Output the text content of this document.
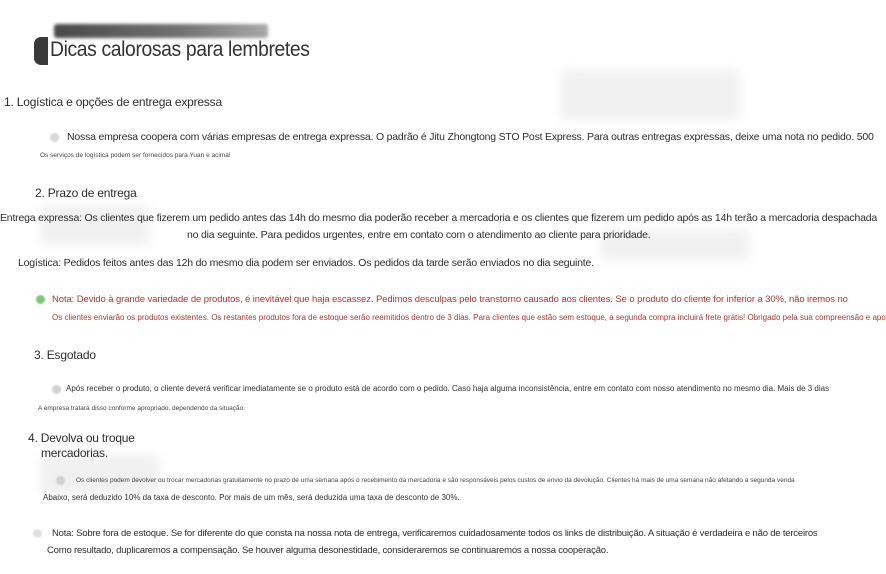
Dicas calorosas para lembretes
1. Logística e opções de entrega expressa
Nossa empresa coopera com várias empresas de entrega expressa. O padrão é Jitu Zhongtong STO Post Express. Para outras entregas expressas, deixe uma nota no pedido. 500
Os serviços de logística podem ser fornecidos para Yuan e acima!
2. Prazo de entrega
Entrega expressa: Os clientes que fizerem um pedido antes das 14h do mesmo dia poderão receber a mercadoria e os clientes que fizerem um pedido após as 14h terão a mercadoria despachada
no dia seguinte. Para pedidos urgentes, entre em contato com o atendimento ao cliente para prioridade.
Logística: Pedidos feitos antes das 12h do mesmo dia podem ser enviados. Os pedidos da tarde serão enviados no dia seguinte.
Nota: Devido à grande variedade de produtos, é inevitável que haja escassez. Pedimos desculpas pelo transtorno causado aos clientes. Se o produto do cliente for inferior a 30%, não iremos no
Os clientes enviarão os produtos existentes. Os restantes produtos fora de estoque serão reemitidos dentro de 3 dias. Para clientes que estão sem estoque, a segunda compra incluirá frete grátis! Obrigado pela sua compreensão e apo
3. Esgotado
Após receber o produto, o cliente deverá verificar imediatamente se o produto está de acordo com o pedido. Caso haja alguma inconsistência, entre em contato com nosso atendimento no mesmo dia. Mais de 3 dias
A empresa tratará disso conforme apropriado, dependendo da situação.
4. Devolva ou troque
mercadorias.
Os clientes podem devolver ou trocar mercadorias gratuitamente no prazo de uma semana após o recebimento da mercadoria e são responsáveis pelos custos de envio da devolução. Clientes há mais de uma semana não afetando a segunda venda
Abaixo, será deduzido 10% da taxa de desconto. Por mais de um mês, será deduzida uma taxa de desconto de 30%.
Nota: Sobre fora de estoque. Se for diferente do que consta na nossa nota de entrega, verificaremos cuidadosamente todos os links de distribuição. A situação é verdadeira e não de terceiros
Como resultado, duplicaremos a compensação. Se houver alguma desonestidade, consideraremos se continuaremos a nossa cooperação.
